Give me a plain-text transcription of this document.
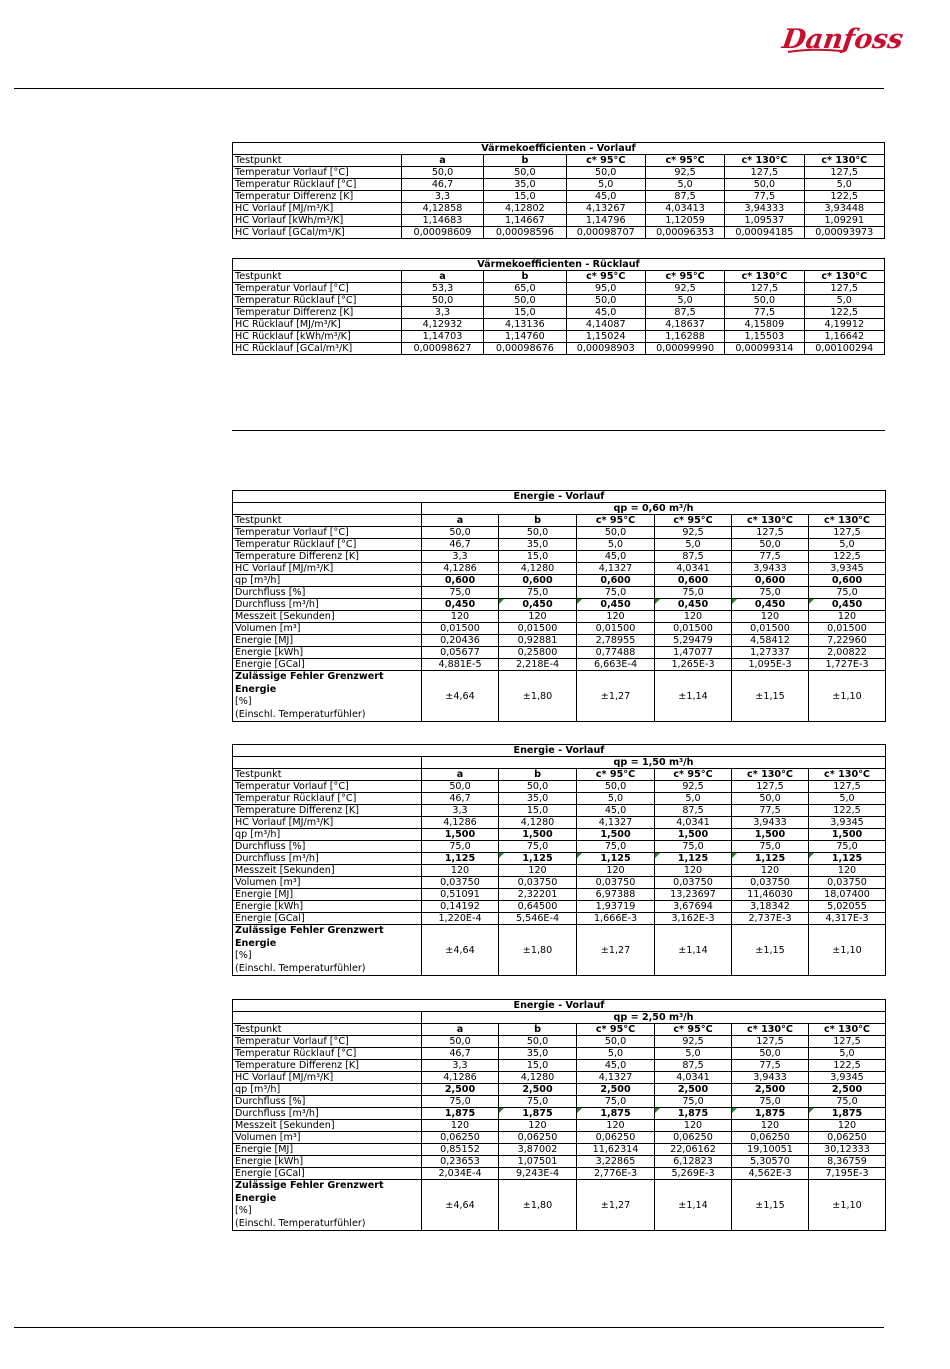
Danfoss
Värmekoefficienten - Vorlauf						
Testpunkt	a	b	c* 95°C	c* 95°C	c* 130°C	c* 130°C
Temperatur Vorlauf [°C]	50,0	50,0	50,0	92,5	127,5	127,5
Temperatur Rücklauf [°C]	46,7	35,0	5,0	5,0	50,0	5,0
Temperatur Differenz [K]	3,3	15,0	45,0	87,5	77,5	122,5
HC Vorlauf [MJ/m³/K]	4,12858	4,12802	4,13267	4,03413	3,94333	3,93448
HC Vorlauf [kWh/m³/K]	1,14683	1,14667	1,14796	1,12059	1,09537	1,09291
HC Vorlauf [GCal/m³/K]	0,00098609	0,00098596	0,00098707	0,00096353	0,00094185	0,00093973
Värmekoefficienten - Rücklauf						
Testpunkt	a	b	c* 95°C	c* 95°C	c* 130°C	c* 130°C
Temperatur Vorlauf [°C]	53,3	65,0	95,0	92,5	127,5	127,5
Temperatur Rücklauf [°C]	50,0	50,0	50,0	5,0	50,0	5,0
Temperatur Differenz [K]	3,3	15,0	45,0	87,5	77,5	122,5
HC Rücklauf [MJ/m³/K]	4,12932	4,13136	4,14087	4,18637	4,15809	4,19912
HC Rücklauf [kWh/m³/K]	1,14703	1,14760	1,15024	1,16288	1,15503	1,16642
HC Rücklauf [GCal/m³/K]	0,00098627	0,00098676	0,00098903	0,00099990	0,00099314	0,00100294
Energie - Vorlauf						
	qp = 0,60 m³/h					
Testpunkt	a	b	c* 95°C	c* 95°C	c* 130°C	c* 130°C
Temperatur Vorlauf [°C]	50,0	50,0	50,0	92,5	127,5	127,5
Temperatur Rücklauf [°C]	46,7	35,0	5,0	5,0	50,0	5,0
Temperature Differenz [K]	3,3	15,0	45,0	87,5	77,5	122,5
HC Vorlauf [MJ/m³/K]	4,1286	4,1280	4,1327	4,0341	3,9433	3,9345
qp [m³/h]	0,600	0,600	0,600	0,600	0,600	0,600
Durchfluss [%]	75,0	75,0	75,0	75,0	75,0	75,0
Durchfluss [m³/h]	0,450	0,450	0,450	0,450	0,450	0,450
Messzeit [Sekunden]	120	120	120	120	120	120
Volumen [m³]	0,01500	0,01500	0,01500	0,01500	0,01500	0,01500
Energie [MJ]	0,20436	0,92881	2,78955	5,29479	4,58412	7,22960
Energie [kWh]	0,05677	0,25800	0,77488	1,47077	1,27337	2,00822
Energie [GCal]	4,881E-5	2,218E-4	6,663E-4	1,265E-3	1,095E-3	1,727E-3

Zulässige Fehler Grenzwert Energie
[%]
(Einschl. Temperaturfühler)	±4,64	±1,80	±1,27	±1,14	±1,15	±1,10
Energie - Vorlauf						
	qp = 1,50 m³/h					
Testpunkt	a	b	c* 95°C	c* 95°C	c* 130°C	c* 130°C
Temperatur Vorlauf [°C]	50,0	50,0	50,0	92,5	127,5	127,5
Temperatur Rücklauf [°C]	46,7	35,0	5,0	5,0	50,0	5,0
Temperature Differenz [K]	3,3	15,0	45,0	87,5	77,5	122,5
HC Vorlauf [MJ/m³/K]	4,1286	4,1280	4,1327	4,0341	3,9433	3,9345
qp [m³/h]	1,500	1,500	1,500	1,500	1,500	1,500
Durchfluss [%]	75,0	75,0	75,0	75,0	75,0	75,0
Durchfluss [m³/h]	1,125	1,125	1,125	1,125	1,125	1,125
Messzeit [Sekunden]	120	120	120	120	120	120
Volumen [m³]	0,03750	0,03750	0,03750	0,03750	0,03750	0,03750
Energie [MJ]	0,51091	2,32201	6,97388	13,23697	11,46030	18,07400
Energie [kWh]	0,14192	0,64500	1,93719	3,67694	3,18342	5,02055
Energie [GCal]	1,220E-4	5,546E-4	1,666E-3	3,162E-3	2,737E-3	4,317E-3

Zulässige Fehler Grenzwert Energie
[%]
(Einschl. Temperaturfühler)	±4,64	±1,80	±1,27	±1,14	±1,15	±1,10
Energie - Vorlauf						
	qp = 2,50 m³/h					
Testpunkt	a	b	c* 95°C	c* 95°C	c* 130°C	c* 130°C
Temperatur Vorlauf [°C]	50,0	50,0	50,0	92,5	127,5	127,5
Temperatur Rücklauf [°C]	46,7	35,0	5,0	5,0	50,0	5,0
Temperature Differenz [K]	3,3	15,0	45,0	87,5	77,5	122,5
HC Vorlauf [MJ/m³/K]	4,1286	4,1280	4,1327	4,0341	3,9433	3,9345
qp [m³/h]	2,500	2,500	2,500	2,500	2,500	2,500
Durchfluss [%]	75,0	75,0	75,0	75,0	75,0	75,0
Durchfluss [m³/h]	1,875	1,875	1,875	1,875	1,875	1,875
Messzeit [Sekunden]	120	120	120	120	120	120
Volumen [m³]	0,06250	0,06250	0,06250	0,06250	0,06250	0,06250
Energie [MJ]	0,85152	3,87002	11,62314	22,06162	19,10051	30,12333
Energie [kWh]	0,23653	1,07501	3,22865	6,12823	5,30570	8,36759
Energie [GCal]	2,034E-4	9,243E-4	2,776E-3	5,269E-3	4,562E-3	7,195E-3

Zulässige Fehler Grenzwert Energie
[%]
(Einschl. Temperaturfühler)	±4,64	±1,80	±1,27	±1,14	±1,15	±1,10
